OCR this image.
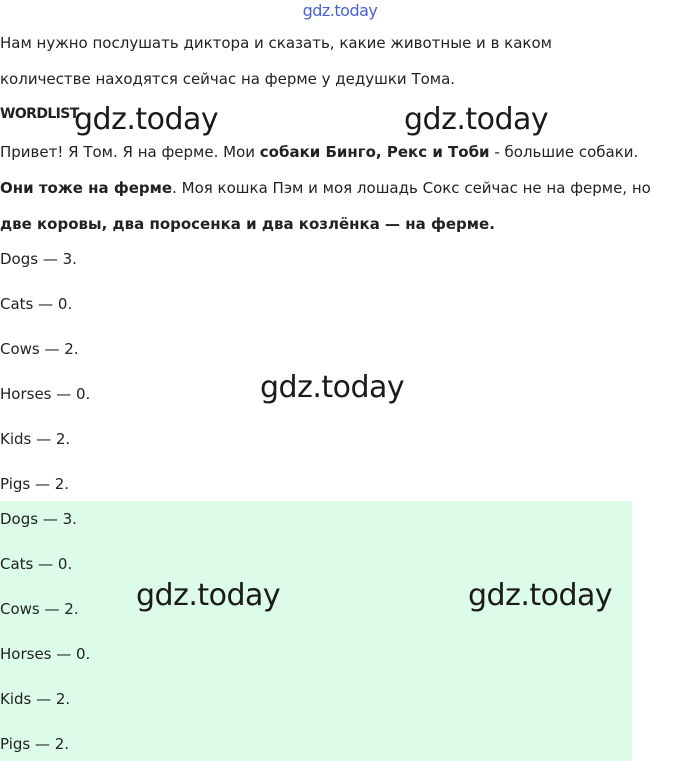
gdz.today
Нам нужно послушать диктора и сказать, какие животные и в каком
количестве находятся сейчас на ферме у дедушки Тома.
WORDLIST
gdz.today	gdz.today
Привет! Я Том. Я на ферме. Мои собаки Бинго, Рекс и Тоби - большие собаки.
Они тоже на ферме. Моя кошка Пэм и моя лошадь Сокс сейчас не на ферме, но
две коровы, два поросенка и два козлёнка — на ферме.
Dogs — 3.
Cats — 0.
Cows — 2.
Horses — 0.
Kids — 2.
Pigs — 2.
gdz.today
Dogs — 3.
Cats — 0.
Cows — 2.
Horses — 0.
Kids — 2.
Pigs — 2.
gdz.today	gdz.today
